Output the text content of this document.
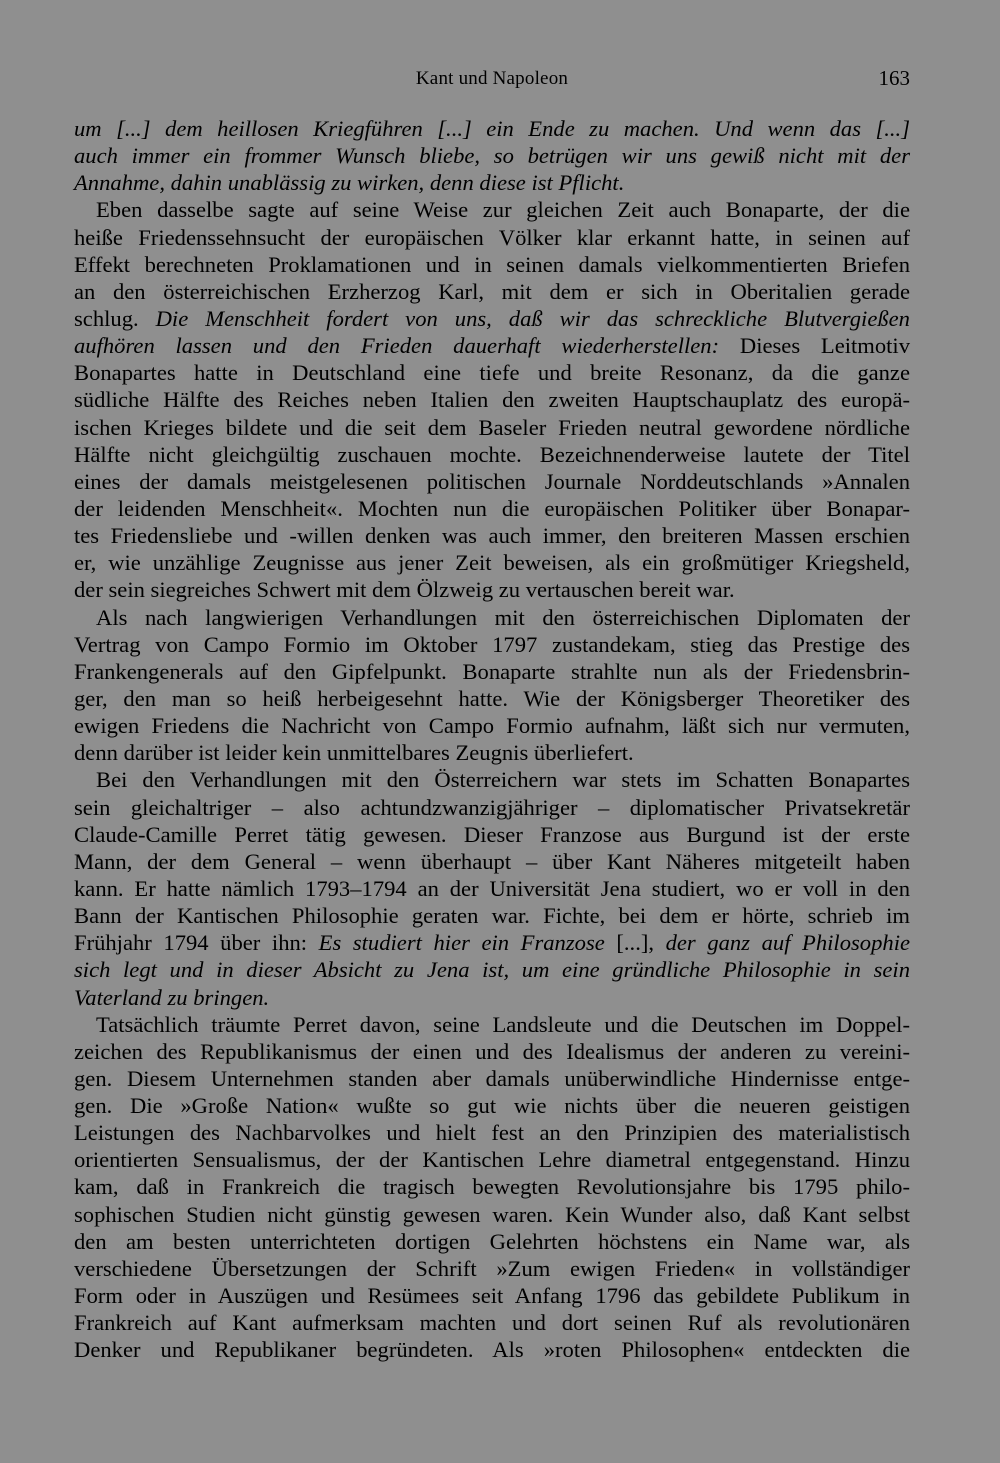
Kant und Napoleon	163
um [...] dem heillosen Kriegführen [...] ein Ende zu machen. Und wenn das [...]
auch immer ein frommer Wunsch bliebe, so betrügen wir uns gewiß nicht mit der
Annahme, dahin unablässig zu wirken, denn diese ist Pflicht.
Eben dasselbe sagte auf seine Weise zur gleichen Zeit auch Bonaparte, der die
heiße Friedenssehnsucht der europäischen Völker klar erkannt hatte, in seinen auf
Effekt berechneten Proklamationen und in seinen damals vielkommentierten Briefen
an den österreichischen Erzherzog Karl, mit dem er sich in Oberitalien gerade
schlug. Die Menschheit fordert von uns, daß wir das schreckliche Blutvergießen
aufhören lassen und den Frieden dauerhaft wiederherstellen: Dieses Leitmotiv
Bonapartes hatte in Deutschland eine tiefe und breite Resonanz, da die ganze
südliche Hälfte des Reiches neben Italien den zweiten Hauptschauplatz des europä-
ischen Krieges bildete und die seit dem Baseler Frieden neutral gewordene nördliche
Hälfte nicht gleichgültig zuschauen mochte. Bezeichnenderweise lautete der Titel
eines der damals meistgelesenen politischen Journale Norddeutschlands »Annalen
der leidenden Menschheit«. Mochten nun die europäischen Politiker über Bonapar-
tes Friedensliebe und -willen denken was auch immer, den breiteren Massen erschien
er, wie unzählige Zeugnisse aus jener Zeit beweisen, als ein großmütiger Kriegsheld,
der sein siegreiches Schwert mit dem Ölzweig zu vertauschen bereit war.
Als nach langwierigen Verhandlungen mit den österreichischen Diplomaten der
Vertrag von Campo Formio im Oktober 1797 zustandekam, stieg das Prestige des
Frankengenerals auf den Gipfelpunkt. Bonaparte strahlte nun als der Friedensbrin-
ger, den man so heiß herbeigesehnt hatte. Wie der Königsberger Theoretiker des
ewigen Friedens die Nachricht von Campo Formio aufnahm, läßt sich nur vermuten,
denn darüber ist leider kein unmittelbares Zeugnis überliefert.
Bei den Verhandlungen mit den Österreichern war stets im Schatten Bonapartes
sein gleichaltriger – also achtundzwanzigjähriger – diplomatischer Privatsekretär
Claude-Camille Perret tätig gewesen. Dieser Franzose aus Burgund ist der erste
Mann, der dem General – wenn überhaupt – über Kant Näheres mitgeteilt haben
kann. Er hatte nämlich 1793–1794 an der Universität Jena studiert, wo er voll in den
Bann der Kantischen Philosophie geraten war. Fichte, bei dem er hörte, schrieb im
Frühjahr 1794 über ihn: Es studiert hier ein Franzose [...], der ganz auf Philosophie
sich legt und in dieser Absicht zu Jena ist, um eine gründliche Philosophie in sein
Vaterland zu bringen.
Tatsächlich träumte Perret davon, seine Landsleute und die Deutschen im Doppel-
zeichen des Republikanismus der einen und des Idealismus der anderen zu vereini-
gen. Diesem Unternehmen standen aber damals unüberwindliche Hindernisse entge-
gen. Die »Große Nation« wußte so gut wie nichts über die neueren geistigen
Leistungen des Nachbarvolkes und hielt fest an den Prinzipien des materialistisch
orientierten Sensualismus, der der Kantischen Lehre diametral entgegenstand. Hinzu
kam, daß in Frankreich die tragisch bewegten Revolutionsjahre bis 1795 philo-
sophischen Studien nicht günstig gewesen waren. Kein Wunder also, daß Kant selbst
den am besten unterrichteten dortigen Gelehrten höchstens ein Name war, als
verschiedene Übersetzungen der Schrift »Zum ewigen Frieden« in vollständiger
Form oder in Auszügen und Resümees seit Anfang 1796 das gebildete Publikum in
Frankreich auf Kant aufmerksam machten und dort seinen Ruf als revolutionären
Denker und Republikaner begründeten. Als »roten Philosophen« entdeckten die
